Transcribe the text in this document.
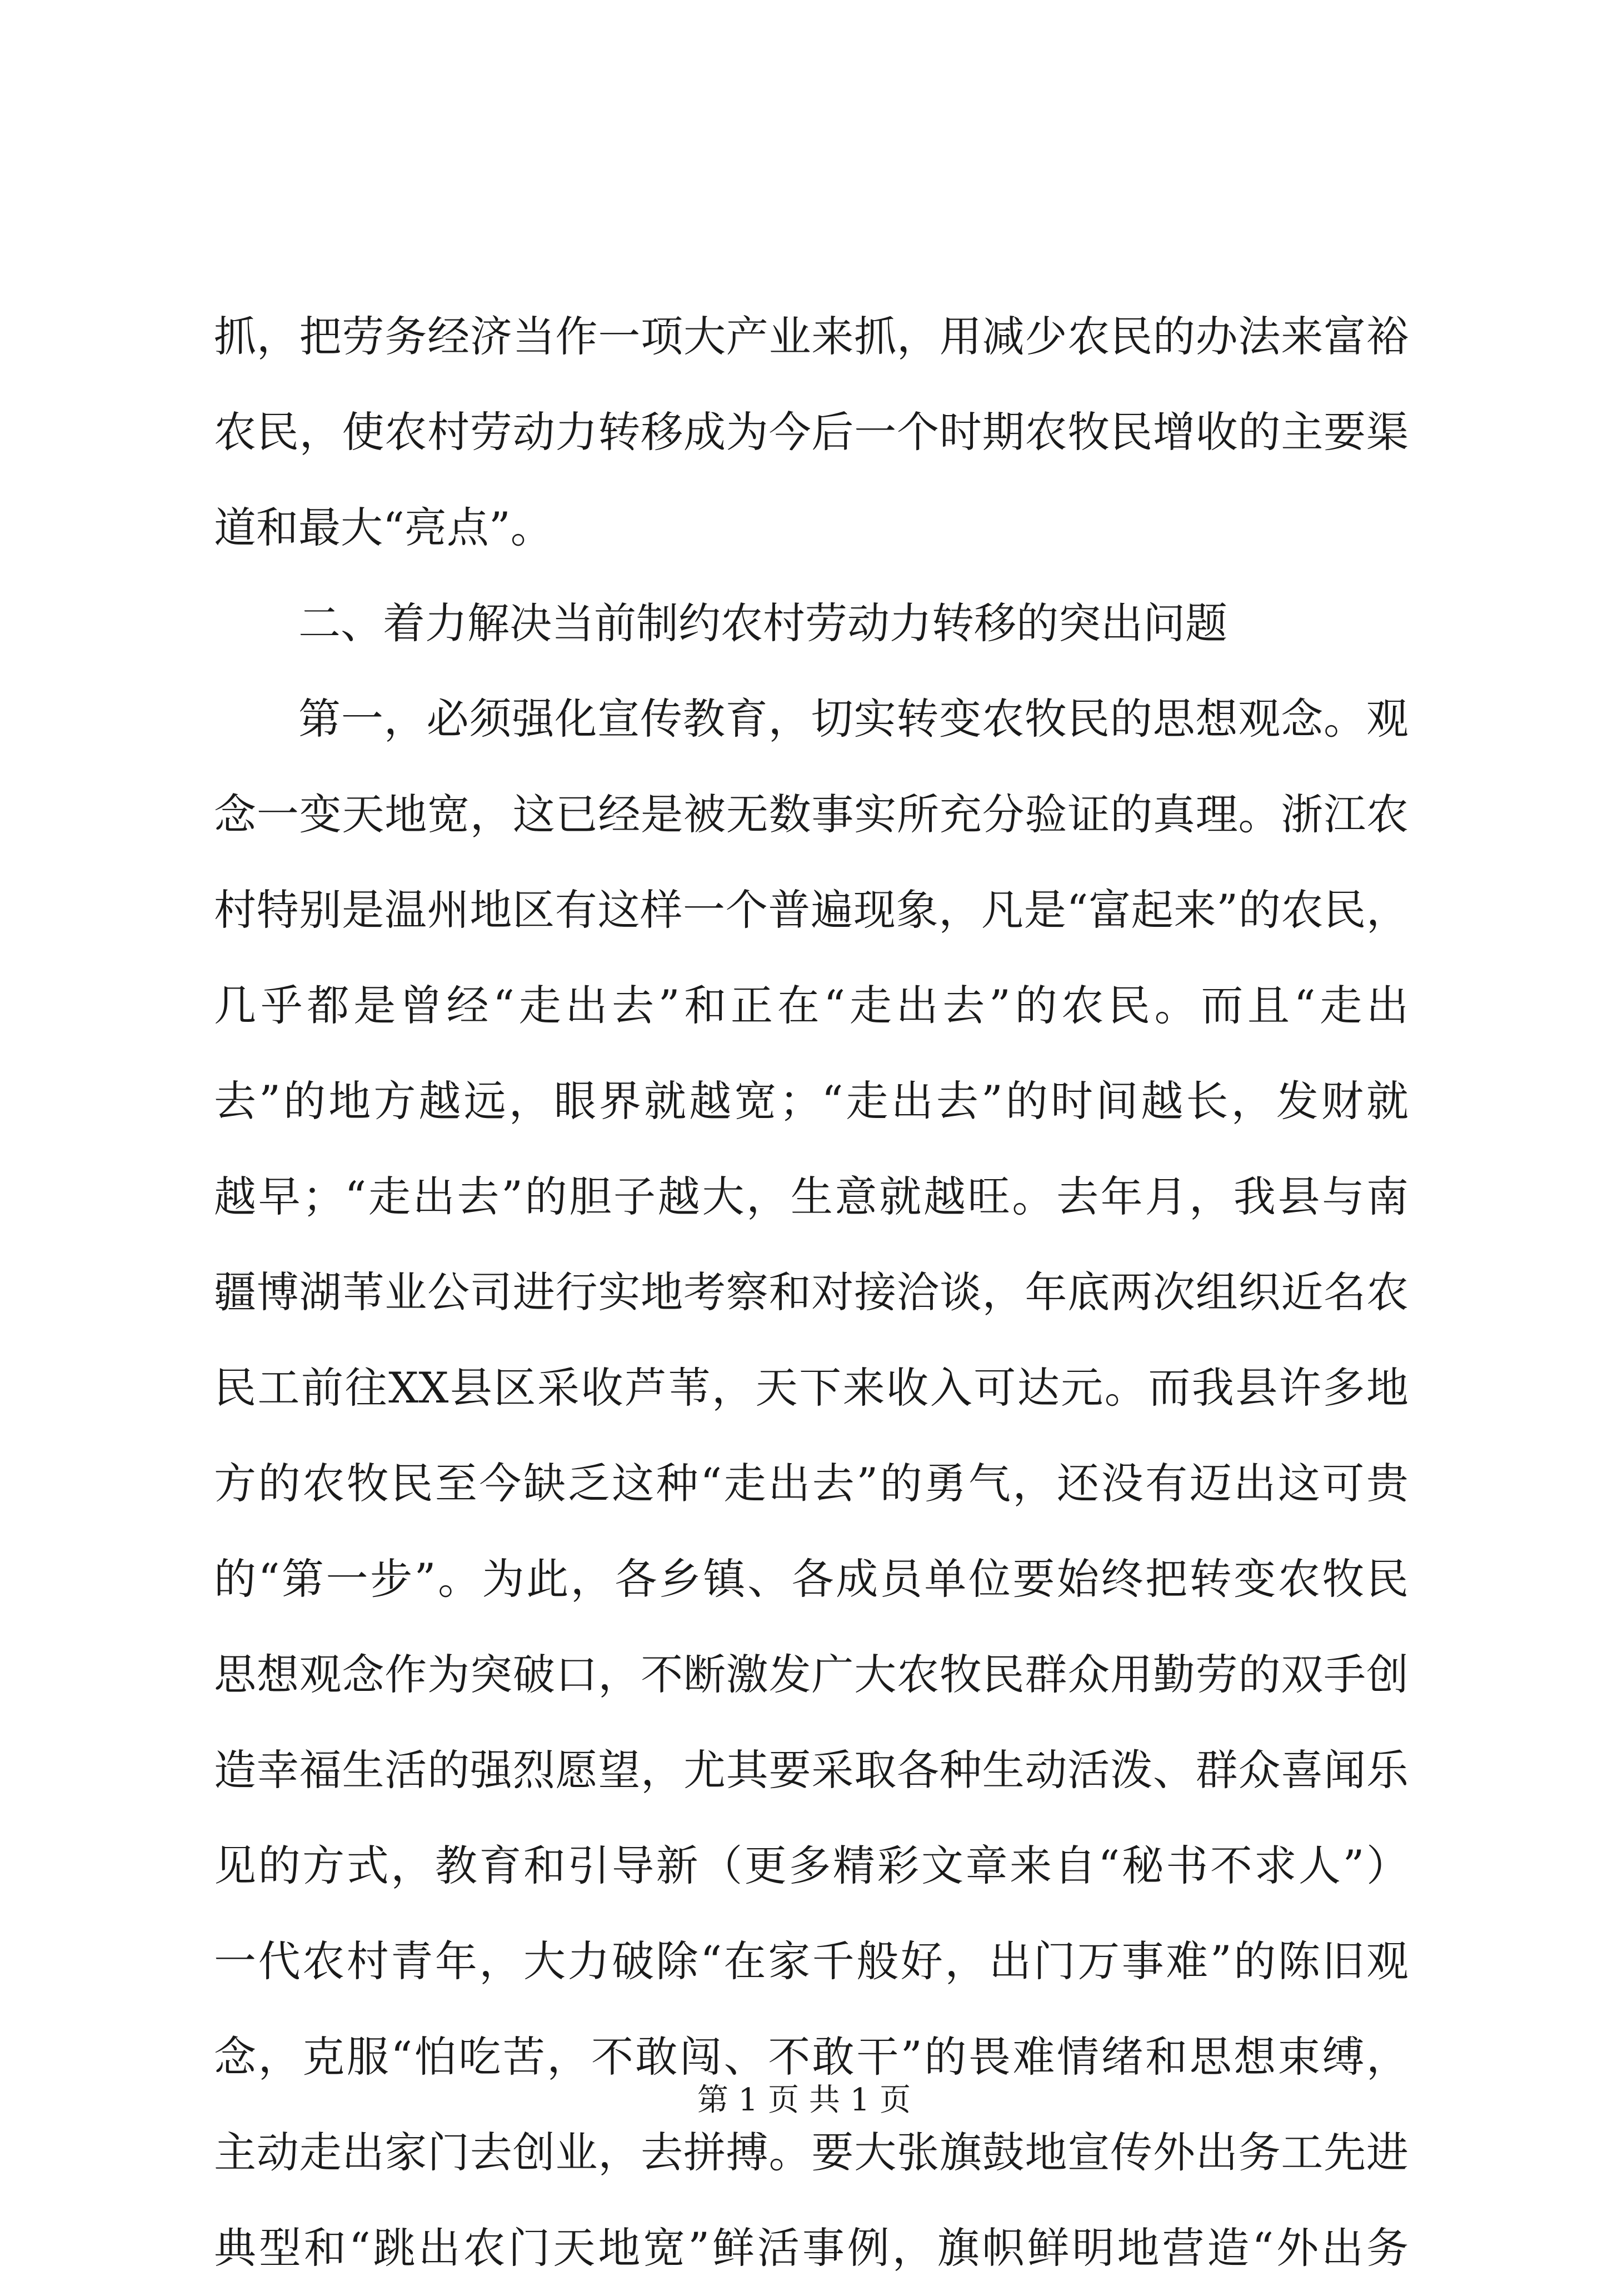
抓，把劳务经济当作一项大产业来抓，用减少农民的办法来富裕
农民，使农村劳动力转移成为今后一个时期农牧民增收的主要渠
道和最大“亮点”。
二、着力解决当前制约农村劳动力转移的突出问题
第一，必须强化宣传教育，切实转变农牧民的思想观念。观
念一变天地宽，这已经是被无数事实所充分验证的真理。浙江农
村特别是温州地区有这样一个普遍现象，凡是“富起来”的农民，
几乎都是曾经“走出去”和正在“走出去”的农民。而且“走出
去”的地方越远，眼界就越宽；“走出去”的时间越长，发财就
越早；“走出去”的胆子越大，生意就越旺。去年月，我县与南
疆博湖苇业公司进行实地考察和对接洽谈，年底两次组织近名农
民工前往XX县区采收芦苇，天下来收入可达元。而我县许多地
方的农牧民至今缺乏这种“走出去”的勇气，还没有迈出这可贵
的“第一步”。为此，各乡镇、各成员单位要始终把转变农牧民
思想观念作为突破口，不断激发广大农牧民群众用勤劳的双手创
造幸福生活的强烈愿望，尤其要采取各种生动活泼、群众喜闻乐
见的方式，教育和引导新（更多精彩文章来自“秘书不求人”）
一代农村青年，大力破除“在家千般好，出门万事难”的陈旧观
念，克服“怕吃苦，不敢闯、不敢干”的畏难情绪和思想束缚，
主动走出家门去创业，去拼搏。要大张旗鼓地宣传外出务工先进
典型和“跳出农门天地宽”鲜活事例，旗帜鲜明地营造“外出务
第 1 页 共 1 页
